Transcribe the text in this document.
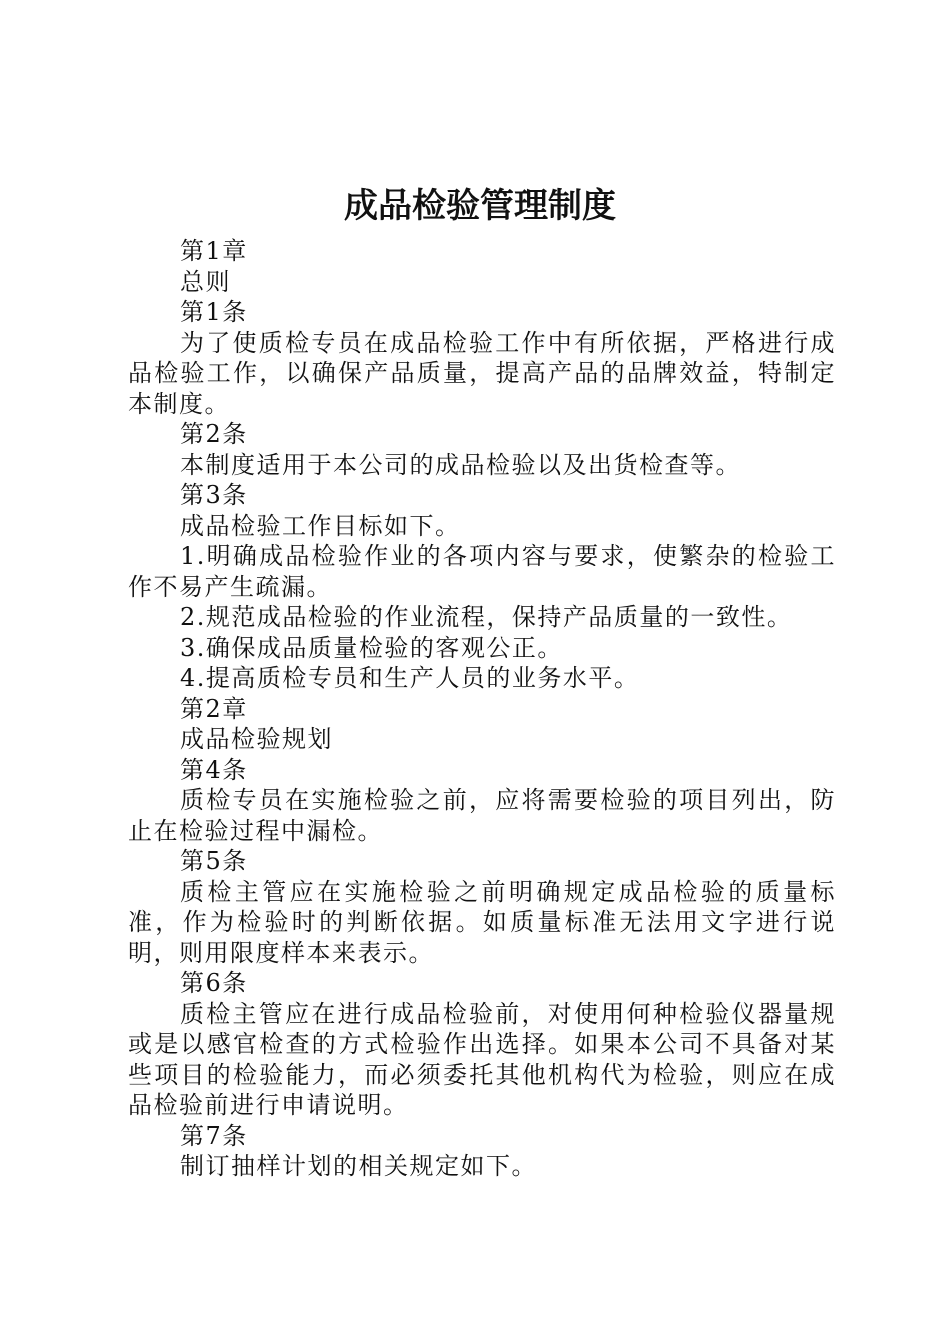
成品检验管理制度

第1章

总则

第1条

为了使质检专员在成品检验工作中有所依据，严格进行成品检验工作，以确保产品质量，提高产品的品牌效益，特制定本制度。

第2条

本制度适用于本公司的成品检验以及出货检查等。

第3条

成品检验工作目标如下。

1.明确成品检验作业的各项内容与要求，使繁杂的检验工作不易产生疏漏。

2.规范成品检验的作业流程，保持产品质量的一致性。

3.确保成品质量检验的客观公正。

4.提高质检专员和生产人员的业务水平。

第2章

成品检验规划

第4条

质检专员在实施检验之前，应将需要检验的项目列出，防止在检验过程中漏检。

第5条

质检主管应在实施检验之前明确规定成品检验的质量标准，作为检验时的判断依据。如质量标准无法用文字进行说明，则用限度样本来表示。

第6条

质检主管应在进行成品检验前，对使用何种检验仪器量规或是以感官检查的方式检验作出选择。如果本公司不具备对某些项目的检验能力，而必须委托其他机构代为检验，则应在成品检验前进行申请说明。

第7条

制订抽样计划的相关规定如下。
